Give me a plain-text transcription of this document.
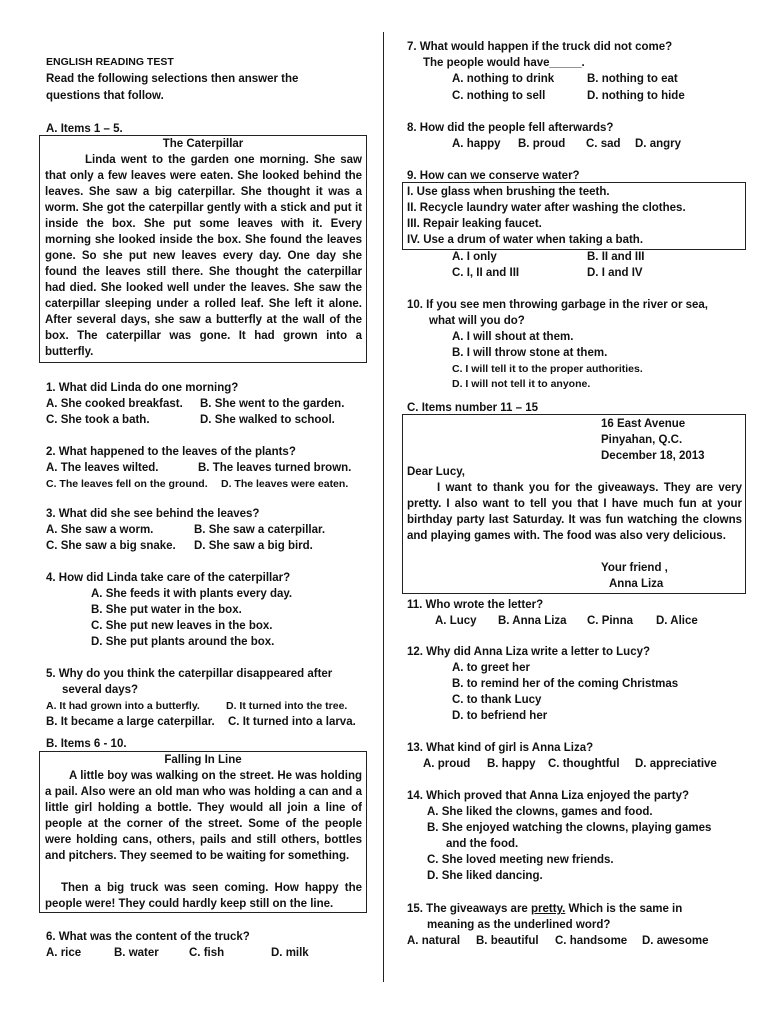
ENGLISH READING TEST
Read the following selections then answer the
questions that follow.
A. Items 1 – 5.
The Caterpillar
Linda went to the garden one morning. She saw that only a few leaves were eaten. She looked behind the leaves. She saw a big caterpillar. She thought it was a worm. She got the caterpillar gently with a stick and put it inside the box. She put some leaves with it. Every morning she looked inside the box. She found the leaves gone. So she put new leaves every day. One day she found the leaves still there. She thought the caterpillar had died. She looked well under the leaves. She saw the caterpillar sleeping under a rolled leaf. She left it alone. After several days, she saw a butterfly at the wall of the box. The caterpillar was gone. It had grown into a butterfly.
1. What did Linda do one morning?
A. She cooked breakfast. B. She went to the garden.
C. She took a bath.	D. She walked to school.
2. What happened to the leaves of the plants?
A. The leaves wilted.	B. The leaves turned brown.
C. The leaves fell on the ground. D. The leaves were eaten.
3. What did she see behind the leaves?
A. She saw a worm.	B. She saw a caterpillar.
C. She saw a big snake. D. She saw a big bird.
4. How did Linda take care of the caterpillar?
A. She feeds it with plants every day.
B. She put water in the box.
C. She put new leaves in the box.
D. She put plants around the box.
5. Why do you think the caterpillar disappeared after
several days?
A. It had grown into a butterfly. D. It turned into the tree.
B. It became a large caterpillar. C. It turned into a larva.
B. Items 6 - 10.
Falling In Line
A little boy was walking on the street. He was holding a pail. Also were an old man who was holding a can and a little girl holding a bottle. They would all join a line of people at the corner of the street. Some of the people were holding cans, others, pails and still others, bottles and pitchers. They seemed to be waiting for something.
Then a big truck was seen coming. How happy the people were! They could hardly keep still on the line.
6. What was the content of the truck?
A. rice	B. water	C. fish	D. milk
7. What would happen if the truck did not come?
The people would have_____.
A. nothing to drink	B. nothing to eat
C. nothing to sell	D. nothing to hide
8. How did the people fell afterwards?
A. happy B. proud C. sad D. angry
9. How can we conserve water?
I. Use glass when brushing the teeth.
II. Recycle laundry water after washing the clothes.
III. Repair leaking faucet.
IV. Use a drum of water when taking a bath.
A. I only	B. II and III
C. I, II and III	D. I and IV
10. If you see men throwing garbage in the river or sea,
what will you do?
A. I will shout at them.
B. I will throw stone at them.
C. I will tell it to the proper authorities.
D. I will not tell it to anyone.
C. Items number 11 – 15
16 East Avenue
Pinyahan, Q.C.
December 18, 2013
Dear Lucy,
I want to thank you for the giveaways. They are very pretty. I also want to tell you that I have much fun at your birthday party last Saturday. It was fun watching the clowns and playing games with. The food was also very delicious.
Your friend ,
Anna Liza
11. Who wrote the letter?
A. Lucy B. Anna Liza C. Pinna D. Alice
12. Why did Anna Liza write a letter to Lucy?
A. to greet her
B. to remind her of the coming Christmas
C. to thank Lucy
D. to befriend her
13. What kind of girl is Anna Liza?
A. proud B. happy C. thoughtful D. appreciative
14. Which proved that Anna Liza enjoyed the party?
A. She liked the clowns, games and food.
B. She enjoyed watching the clowns, playing games
and the food.
C. She loved meeting new friends.
D. She liked dancing.
15. The giveaways are pretty. Which is the same in
meaning as the underlined word?
A. natural B. beautiful C. handsome D. awesome
